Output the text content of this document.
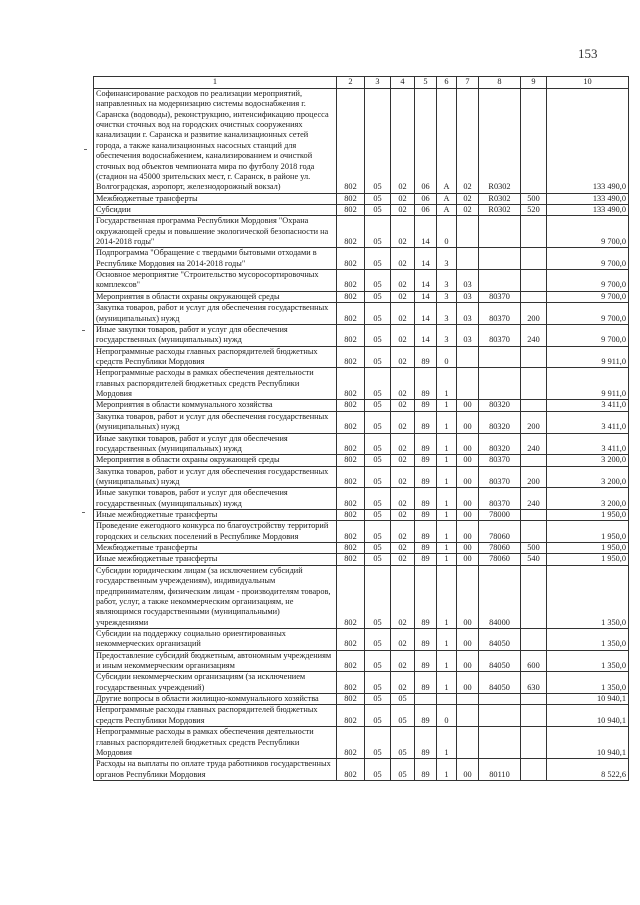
153
1	2	3	4	5	6	7	8	9	10
Софинансирование расходов по реализации мероприятий, направленных на модернизацию системы водоснабжения г. Саранска (водоводы), реконструкцию, интенсификацию процесса очистки сточных вод на городских очистных сооружениях канализации г. Саранска и развитие канализационных сетей города, а также канализационных насосных станций для обеспечения водоснабжением, канализированием и очисткой сточных вод объектов чемпионата мира по футболу 2018 года (стадион на 45000 зрительских мест, г. Саранск, в районе ул. Волгоградская, аэропорт, железнодорожный вокзал)	802	05	02	06	А	02	R0302		133 490,0
Межбюджетные трансферты	802	05	02	06	А	02	R0302	500	133 490,0
Субсидии	802	05	02	06	А	02	R0302	520	133 490,0
Государственная программа Республики Мордовия "Охрана окружающей среды и повышение экологической безопасности на 2014-2018 годы"	802	05	02	14	0				9 700,0
Подпрограмма "Обращение с твердыми бытовыми отходами в Республике Мордовия на 2014-2018 годы"	802	05	02	14	3				9 700,0
Основное мероприятие "Строительство мусоросортировочных комплексов"	802	05	02	14	3	03			9 700,0
Мероприятия в области охраны окружающей среды	802	05	02	14	3	03	80370		9 700,0
Закупка товаров, работ и услуг для обеспечения государственных (муниципальных) нужд	802	05	02	14	3	03	80370	200	9 700,0
Иные закупки товаров, работ и услуг для обеспечения государственных (муниципальных) нужд	802	05	02	14	3	03	80370	240	9 700,0
Непрограммные расходы главных распорядителей бюджетных средств Республики Мордовия	802	05	02	89	0				9 911,0
Непрограммные расходы в рамках обеспечения деятельности главных распорядителей бюджетных средств Республики Мордовия	802	05	02	89	1				9 911,0
Мероприятия в области коммунального хозяйства	802	05	02	89	1	00	80320		3 411,0
Закупка товаров, работ и услуг для обеспечения государственных (муниципальных) нужд	802	05	02	89	1	00	80320	200	3 411,0
Иные закупки товаров, работ и услуг для обеспечения государственных (муниципальных) нужд	802	05	02	89	1	00	80320	240	3 411,0
Мероприятия в области охраны окружающей среды	802	05	02	89	1	00	80370		3 200,0
Закупка товаров, работ и услуг для обеспечения государственных (муниципальных) нужд	802	05	02	89	1	00	80370	200	3 200,0
Иные закупки товаров, работ и услуг для обеспечения государственных (муниципальных) нужд	802	05	02	89	1	00	80370	240	3 200,0
Иные межбюджетные трансферты	802	05	02	89	1	00	78000		1 950,0
Проведение ежегодного конкурса по благоустройству территорий городских и сельских поселений в Республике Мордовия	802	05	02	89	1	00	78060		1 950,0
Межбюджетные трансферты	802	05	02	89	1	00	78060	500	1 950,0
Иные межбюджетные трансферты	802	05	02	89	1	00	78060	540	1 950,0
Субсидии юридическим лицам (за исключением субсидий государственным учреждениям), индивидуальным предпринимателям, физическим лицам - производителям товаров, работ, услуг, а также некоммерческим организациям, не являющимся государственными (муниципальными) учреждениями	802	05	02	89	1	00	84000		1 350,0
Субсидии на поддержку социально ориентированных некоммерческих организаций	802	05	02	89	1	00	84050		1 350,0
Предоставление субсидий бюджетным, автономным учреждениям и иным некоммерческим организациям	802	05	02	89	1	00	84050	600	1 350,0
Субсидии некоммерческим организациям (за исключением государственных учреждений)	802	05	02	89	1	00	84050	630	1 350,0
Другие вопросы в области жилищно-коммунального хозяйства	802	05	05						10 940,1
Непрограммные расходы главных распорядителей бюджетных средств Республики Мордовия	802	05	05	89	0				10 940,1
Непрограммные расходы в рамках обеспечения деятельности главных распорядителей бюджетных средств Республики Мордовия	802	05	05	89	1				10 940,1
Расходы на выплаты по оплате труда работников государственных органов Республики Мордовия	802	05	05	89	1	00	80110		8 522,6
